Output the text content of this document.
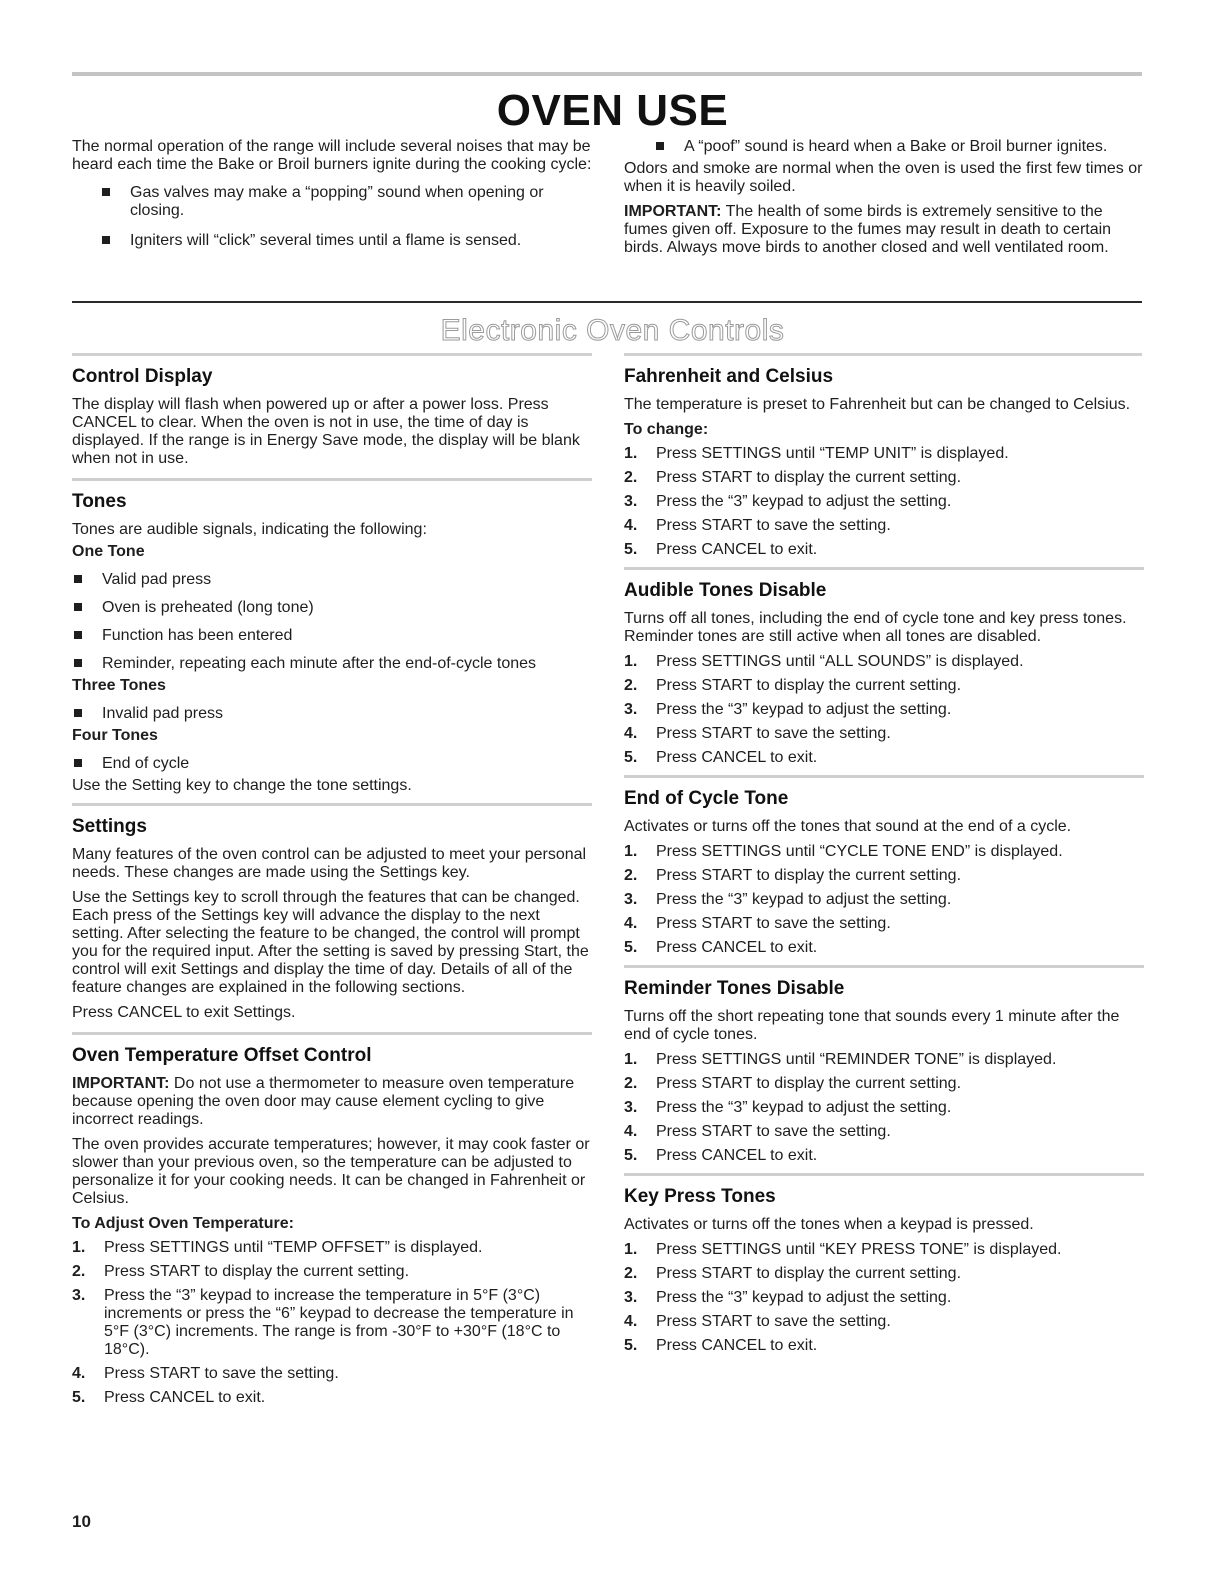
OVEN USE

The normal operation of the range will include several noises that may be heard each time the Bake or Broil burners ignite during the cooking cycle:

Gas valves may make a “popping” sound when opening or closing.
Igniters will “click” several times until a flame is sensed.
A “poof” sound is heard when a Bake or Broil burner ignites.

Odors and smoke are normal when the oven is used the first few times or when it is heavily soiled.

IMPORTANT: The health of some birds is extremely sensitive to the fumes given off. Exposure to the fumes may result in death to certain birds. Always move birds to another closed and well ventilated room.

Electronic Oven Controls
Control Display

The display will flash when powered up or after a power loss. Press CANCEL to clear. When the oven is not in use, the time of day is displayed. If the range is in Energy Save mode, the display will be blank when not in use.

Tones

Tones are audible signals, indicating the following:

One Tone
Valid pad press
Oven is preheated (long tone)
Function has been entered
Reminder, repeating each minute after the end-of-cycle tones
Three Tones
Invalid pad press
Four Tones
End of cycle

Use the Setting key to change the tone settings.

Settings

Many features of the oven control can be adjusted to meet your personal needs. These changes are made using the Settings key.

Use the Settings key to scroll through the features that can be changed. Each press of the Settings key will advance the display to the next setting. After selecting the feature to be changed, the control will prompt you for the required input. After the setting is saved by pressing Start, the control will exit Settings and display the time of day. Details of all of the feature changes are explained in the following sections.

Press CANCEL to exit Settings.

Oven Temperature Offset Control

IMPORTANT: Do not use a thermometer to measure oven temperature because opening the oven door may cause element cycling to give incorrect readings.

The oven provides accurate temperatures; however, it may cook faster or slower than your previous oven, so the temperature can be adjusted to personalize it for your cooking needs. It can be changed in Fahrenheit or Celsius.

To Adjust Oven Temperature:
1. Press SETTINGS until “TEMP OFFSET” is displayed.
2. Press START to display the current setting.
3. Press the “3” keypad to increase the temperature in 5°F (3°C) increments or press the “6” keypad to decrease the temperature in 5°F (3°C) increments. The range is from -30°F to +30°F (18°C to 18°C).
4. Press START to save the setting.
5. Press CANCEL to exit.
Fahrenheit and Celsius

The temperature is preset to Fahrenheit but can be changed to Celsius.

To change:
1. Press SETTINGS until “TEMP UNIT” is displayed.
2. Press START to display the current setting.
3. Press the “3” keypad to adjust the setting.
4. Press START to save the setting.
5. Press CANCEL to exit.
Audible Tones Disable

Turns off all tones, including the end of cycle tone and key press tones. Reminder tones are still active when all tones are disabled.

1. Press SETTINGS until “ALL SOUNDS” is displayed.
2. Press START to display the current setting.
3. Press the “3” keypad to adjust the setting.
4. Press START to save the setting.
5. Press CANCEL to exit.
End of Cycle Tone

Activates or turns off the tones that sound at the end of a cycle.

1. Press SETTINGS until “CYCLE TONE END” is displayed.
2. Press START to display the current setting.
3. Press the “3” keypad to adjust the setting.
4. Press START to save the setting.
5. Press CANCEL to exit.
Reminder Tones Disable

Turns off the short repeating tone that sounds every 1 minute after the end of cycle tones.

1. Press SETTINGS until “REMINDER TONE” is displayed.
2. Press START to display the current setting.
3. Press the “3” keypad to adjust the setting.
4. Press START to save the setting.
5. Press CANCEL to exit.
Key Press Tones

Activates or turns off the tones when a keypad is pressed.

1. Press SETTINGS until “KEY PRESS TONE” is displayed.
2. Press START to display the current setting.
3. Press the “3” keypad to adjust the setting.
4. Press START to save the setting.
5. Press CANCEL to exit.
10
